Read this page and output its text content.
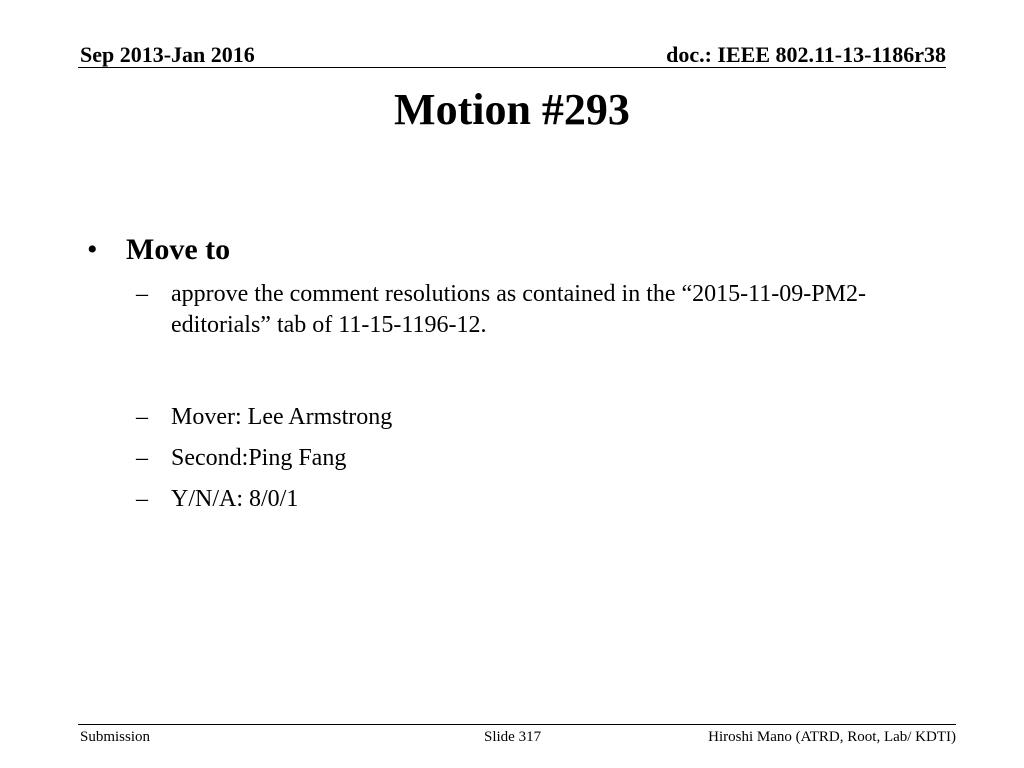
Sep 2013-Jan 2016	doc.: IEEE 802.11-13-1186r38
Motion #293
• Move to
– approve the comment resolutions as contained in the “2015-11-09-PM2-editorials” tab of 11-15-1196-12.
– Mover: Lee Armstrong
– Second:Ping Fang
– Y/N/A: 8/0/1
Submission	Slide 317	Hiroshi Mano (ATRD, Root, Lab/ KDTI)
